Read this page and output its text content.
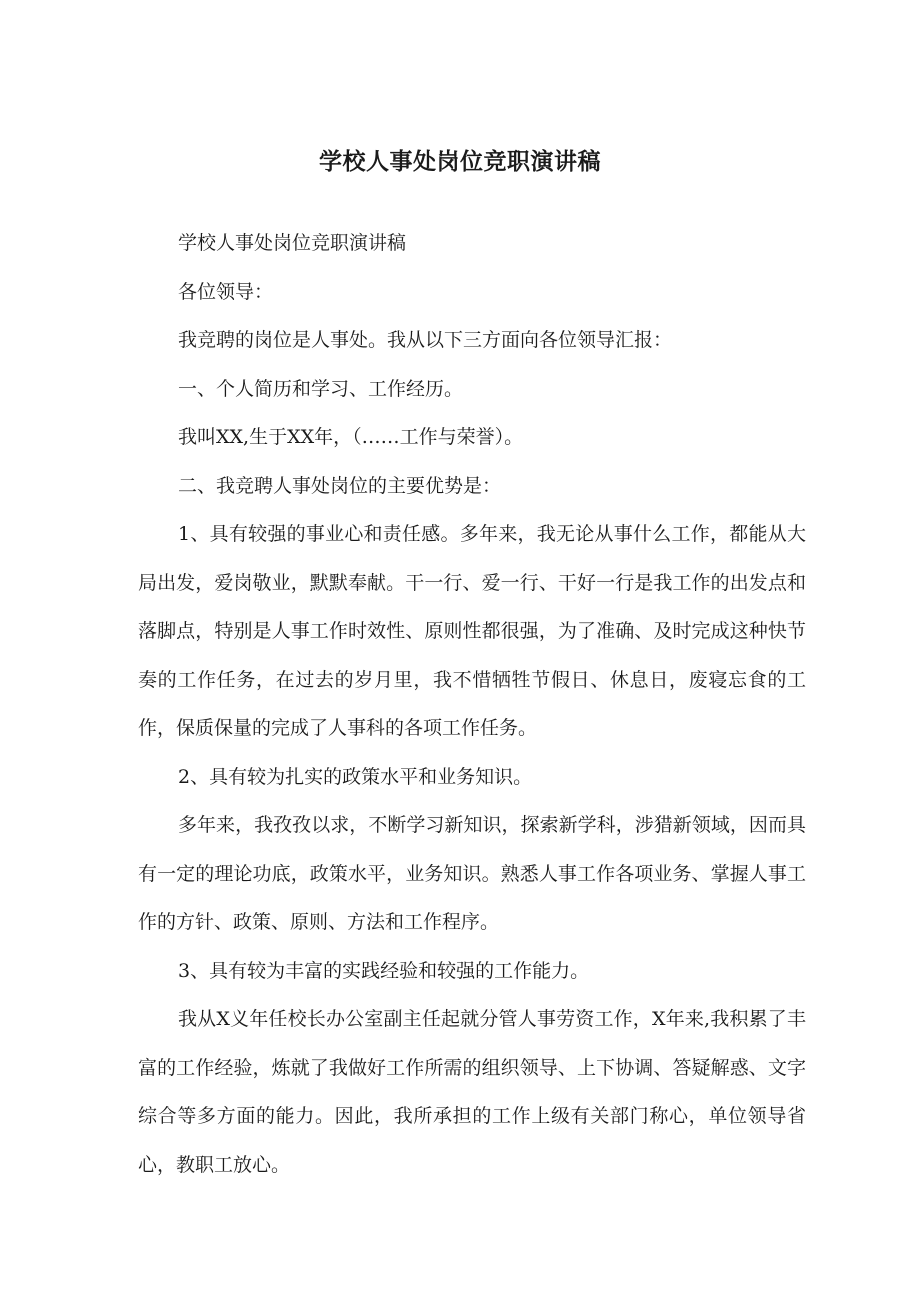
学校人事处岗位竞职演讲稿

学校人事处岗位竞职演讲稿

各位领导：

我竞聘的岗位是人事处。我从以下三方面向各位领导汇报：

一、个人简历和学习、工作经历。

我叫XX,生于XX年，（……工作与荣誉）。

二、我竞聘人事处岗位的主要优势是：

1、具有较强的事业心和责任感。多年来，我无论从事什么工作，都能从大局出发，爱岗敬业，默默奉献。干一行、爱一行、干好一行是我工作的出发点和落脚点，特别是人事工作时效性、原则性都很强，为了准确、及时完成这种快节奏的工作任务，在过去的岁月里，我不惜牺牲节假日、休息日，废寝忘食的工作，保质保量的完成了人事科的各项工作任务。

2、具有较为扎实的政策水平和业务知识。

多年来，我孜孜以求，不断学习新知识，探索新学科，涉猎新领域，因而具有一定的理论功底，政策水平，业务知识。熟悉人事工作各项业务、掌握人事工作的方针、政策、原则、方法和工作程序。

3、具有较为丰富的实践经验和较强的工作能力。

我从X义年任校长办公室副主任起就分管人事劳资工作，X年来,我积累了丰富的工作经验，炼就了我做好工作所需的组织领导、上下协调、答疑解惑、文字综合等多方面的能力。因此，我所承担的工作上级有关部门称心，单位领导省心，教职工放心。
